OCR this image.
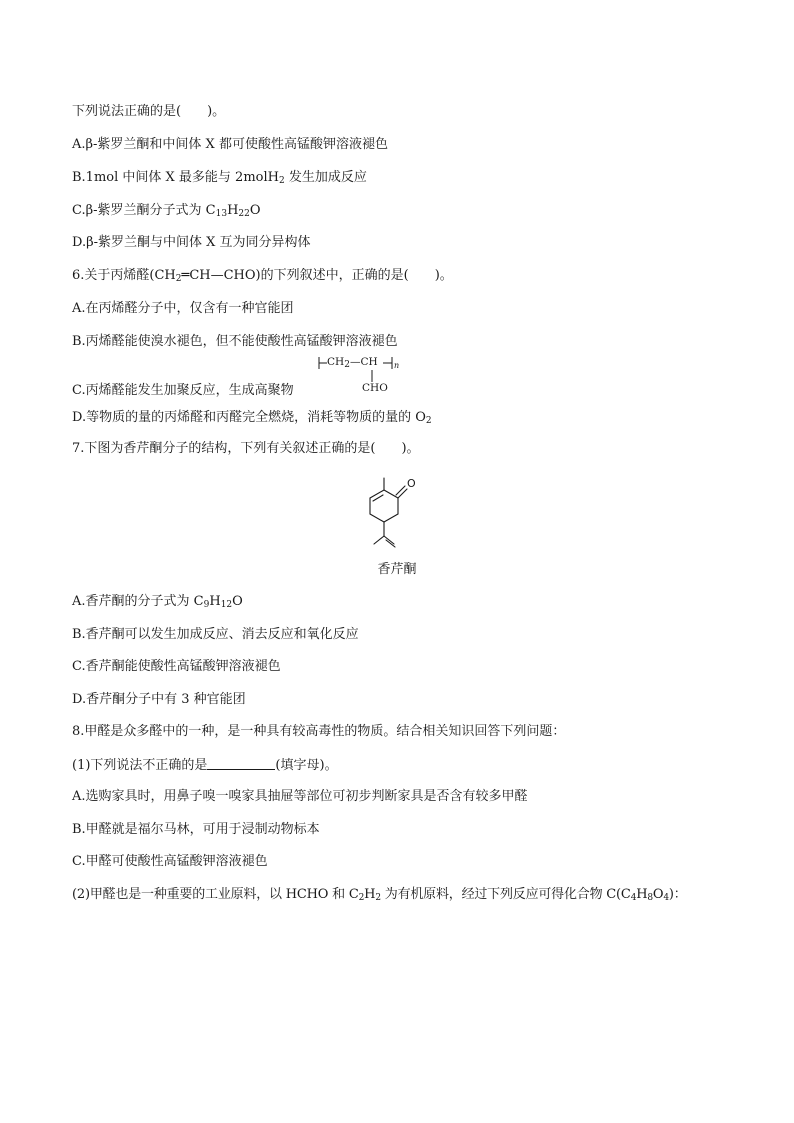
下列说法正确的是(　　)。
A.β-紫罗兰酮和中间体 X 都可使酸性高锰酸钾溶液褪色
B.1mol 中间体 X 最多能与 2molH$_2$ 发生加成反应
C.β-紫罗兰酮分子式为 $C_{13}H_{22}O$
D.β-紫罗兰酮与中间体 X 互为同分异构体
6.关于丙烯醛$(CH_2═CH—CHO)$的下列叙述中，正确的是(　　)。
A.在丙烯醛分子中，仅含有一种官能团
B.丙烯醛能使溴水褪色，但不能使酸性高锰酸钾溶液褪色
C.丙烯醛能发生加聚反应，生成高聚物
$CH_2—CH$ n
CHO
D.等物质的量的丙烯醛和丙醛完全燃烧，消耗等物质的量的 $O_2$
7.下图为香芹酮分子的结构，下列有关叙述正确的是(　　)。
O
香芹酮
A.香芹酮的分子式为 $C_9H_{12}O$
B.香芹酮可以发生加成反应、消去反应和氧化反应
C.香芹酮能使酸性高锰酸钾溶液褪色
D.香芹酮分子中有 3 种官能团
8.甲醛是众多醛中的一种，是一种具有较高毒性的物质。结合相关知识回答下列问题：
(1)下列说法不正确的是	(填字母)。
A.选购家具时，用鼻子嗅一嗅家具抽屉等部位可初步判断家具是否含有较多甲醛
B.甲醛就是福尔马林，可用于浸制动物标本
C.甲醛可使酸性高锰酸钾溶液褪色
(2)甲醛也是一种重要的工业原料，以 HCHO 和 $C_2H_2$ 为有机原料，经过下列反应可得化合物 $C(C_4H_8O_4)$：
